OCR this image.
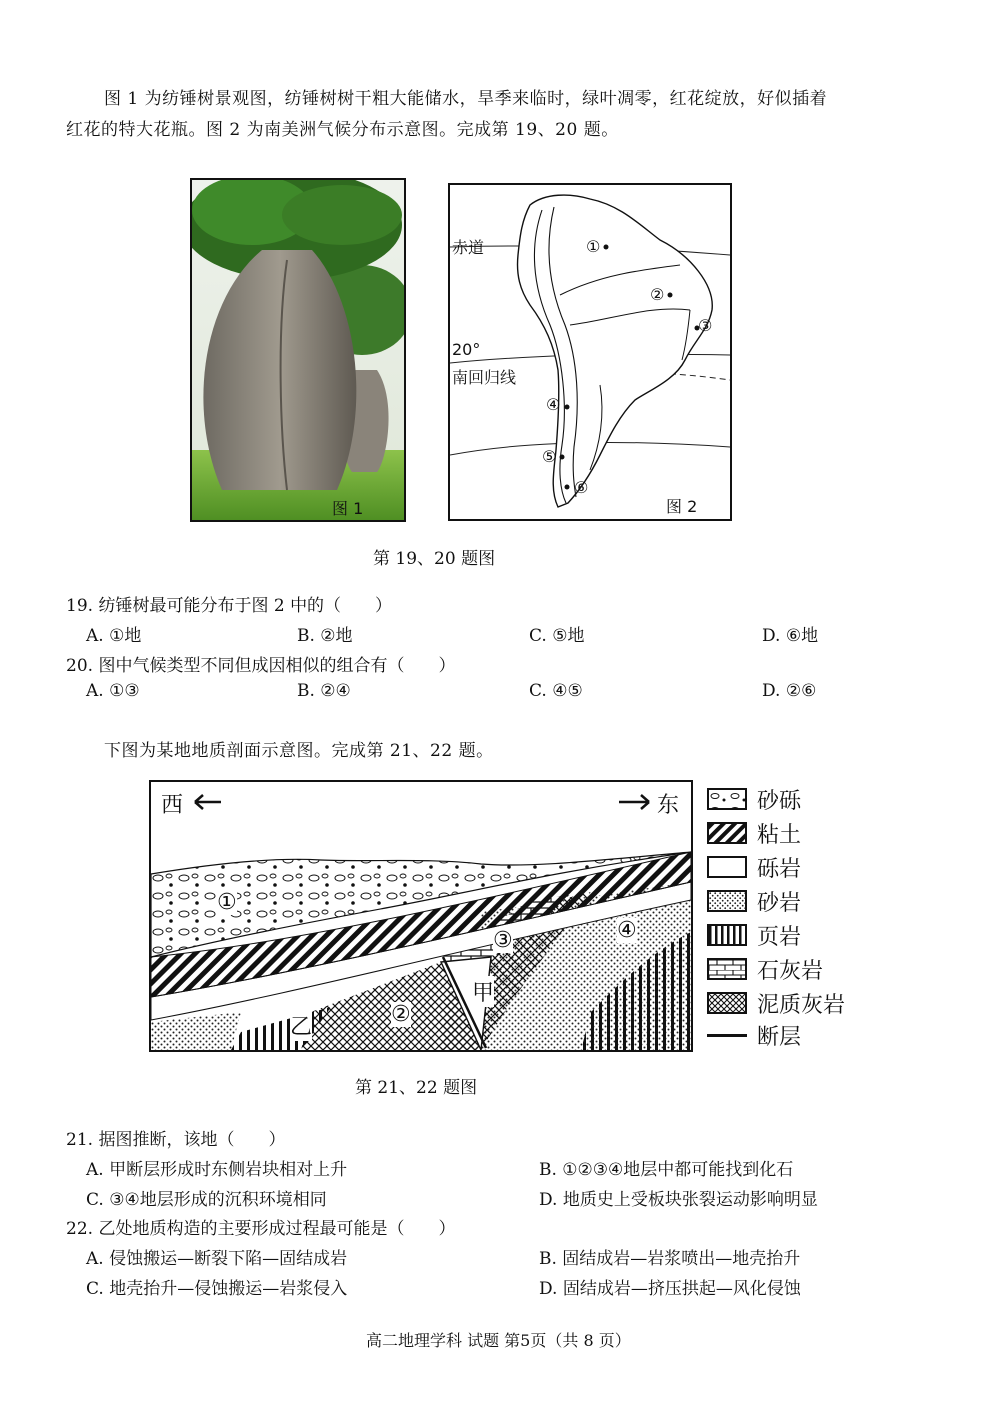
图 1 为纺锤树景观图，纺锤树树干粗大能储水，旱季来临时，绿叶凋零，红花绽放，好似插着
红花的特大花瓶。图 2 为南美洲气候分布示意图。完成第 19、20 题。
图 1
赤道
20°
南回归线
①
②
③
④
⑤
⑥
图 2
第 19、20 题图
19. 纺锤树最可能分布于图 2 中的（　　）
A. ①地	B. ②地	C. ⑤地	D. ⑥地
20. 图中气候类型不同但成因相似的组合有（　　）
A. ①③	B. ②④	C. ④⑤	D. ②⑥
下图为某地地质剖面示意图。完成第 21、22 题。
西	东
①
②
③	④
甲
乙
砂砾
粘土
砾岩
砂岩
页岩
石灰岩
泥质灰岩
断层
第 21、22 题图
21. 据图推断，该地（　　）
A. 甲断层形成时东侧岩块相对上升	B. ①②③④地层中都可能找到化石
C. ③④地层形成的沉积环境相同	D. 地质史上受板块张裂运动影响明显
22. 乙处地质构造的主要形成过程最可能是（　　）
A. 侵蚀搬运—断裂下陷—固结成岩	B. 固结成岩—岩浆喷出—地壳抬升
C. 地壳抬升—侵蚀搬运—岩浆侵入	D. 固结成岩—挤压拱起—风化侵蚀
高二地理学科 试题 第5页（共 8 页）
